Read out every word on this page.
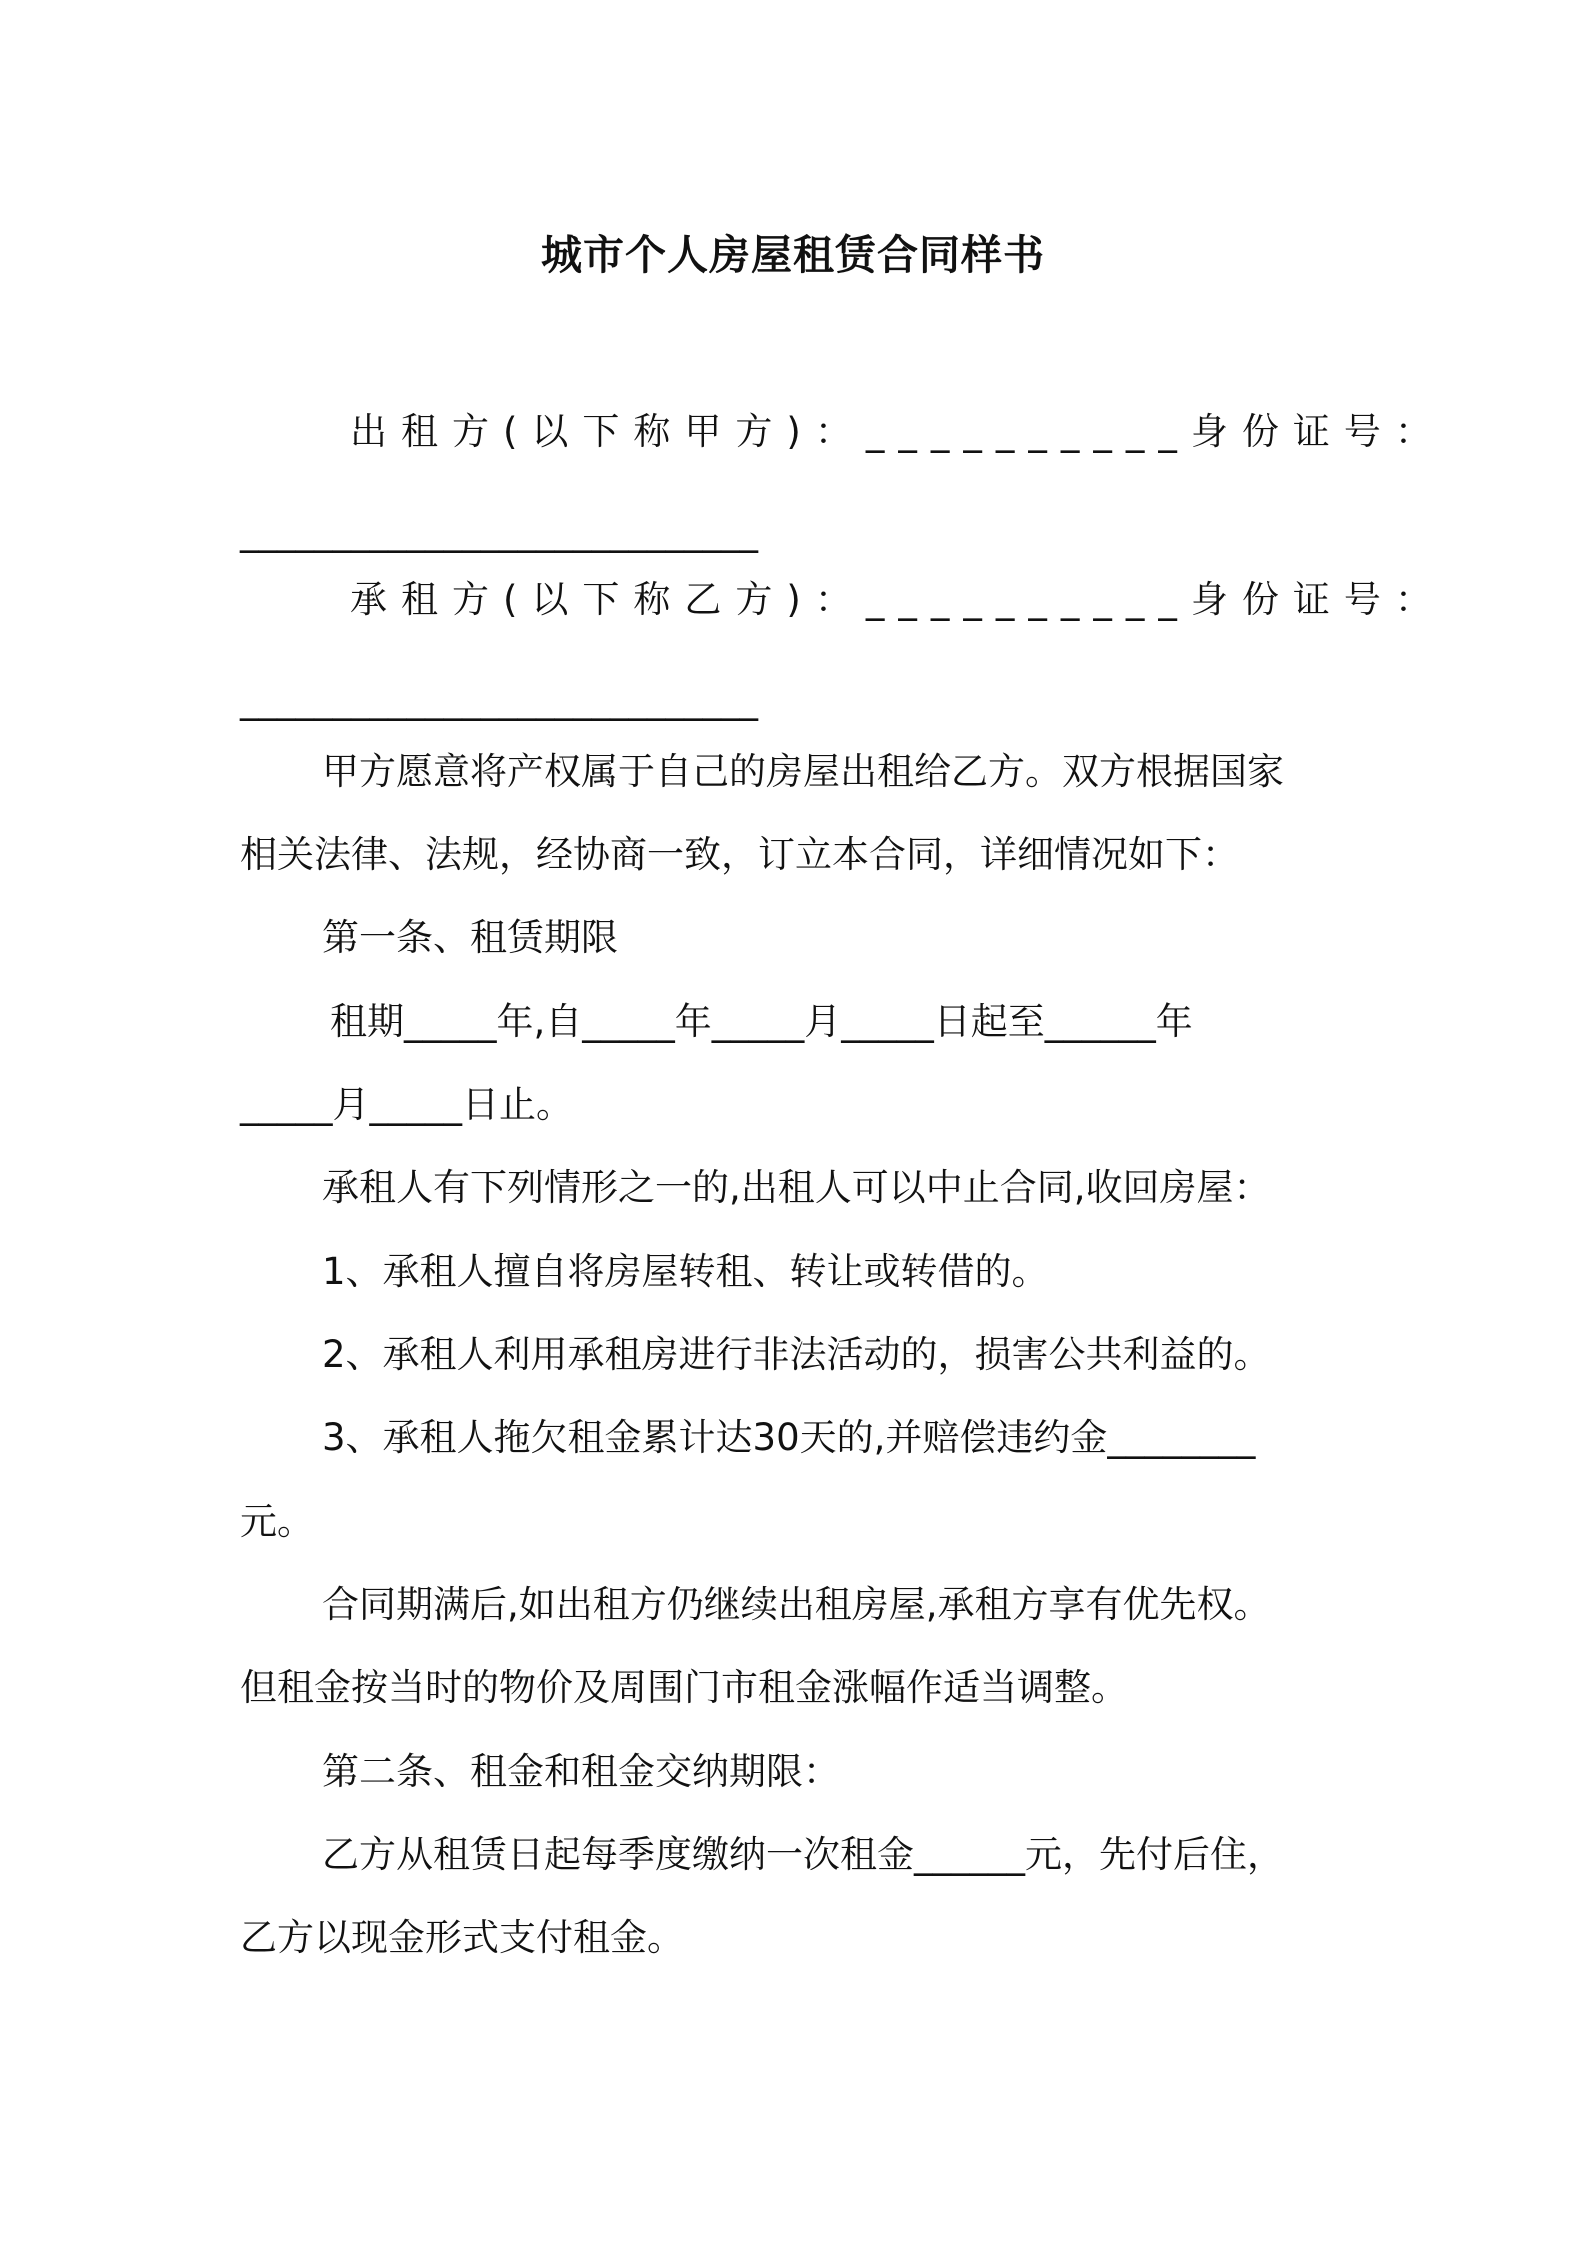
城市个人房屋租赁合同样书
出租方(以下称甲方)：__________身份证号：
____________________________
承租方(以下称乙方)：__________身份证号：
____________________________
甲方愿意将产权属于自己的房屋出租给乙方。双方根据国家
相关法律、法规，经协商一致，订立本合同，详细情况如下：
第一条、租赁期限
租期_____年,自_____年_____月_____日起至______年
_____月_____日止。
承租人有下列情形之一的,出租人可以中止合同,收回房屋：
1、承租人擅自将房屋转租、转让或转借的。
2、承租人利用承租房进行非法活动的，损害公共利益的。
3、承租人拖欠租金累计达30天的,并赔偿违约金________
元。
合同期满后,如出租方仍继续出租房屋,承租方享有优先权。
但租金按当时的物价及周围门市租金涨幅作适当调整。
第二条、租金和租金交纳期限：
乙方从租赁日起每季度缴纳一次租金______元，先付后住，
乙方以现金形式支付租金。
